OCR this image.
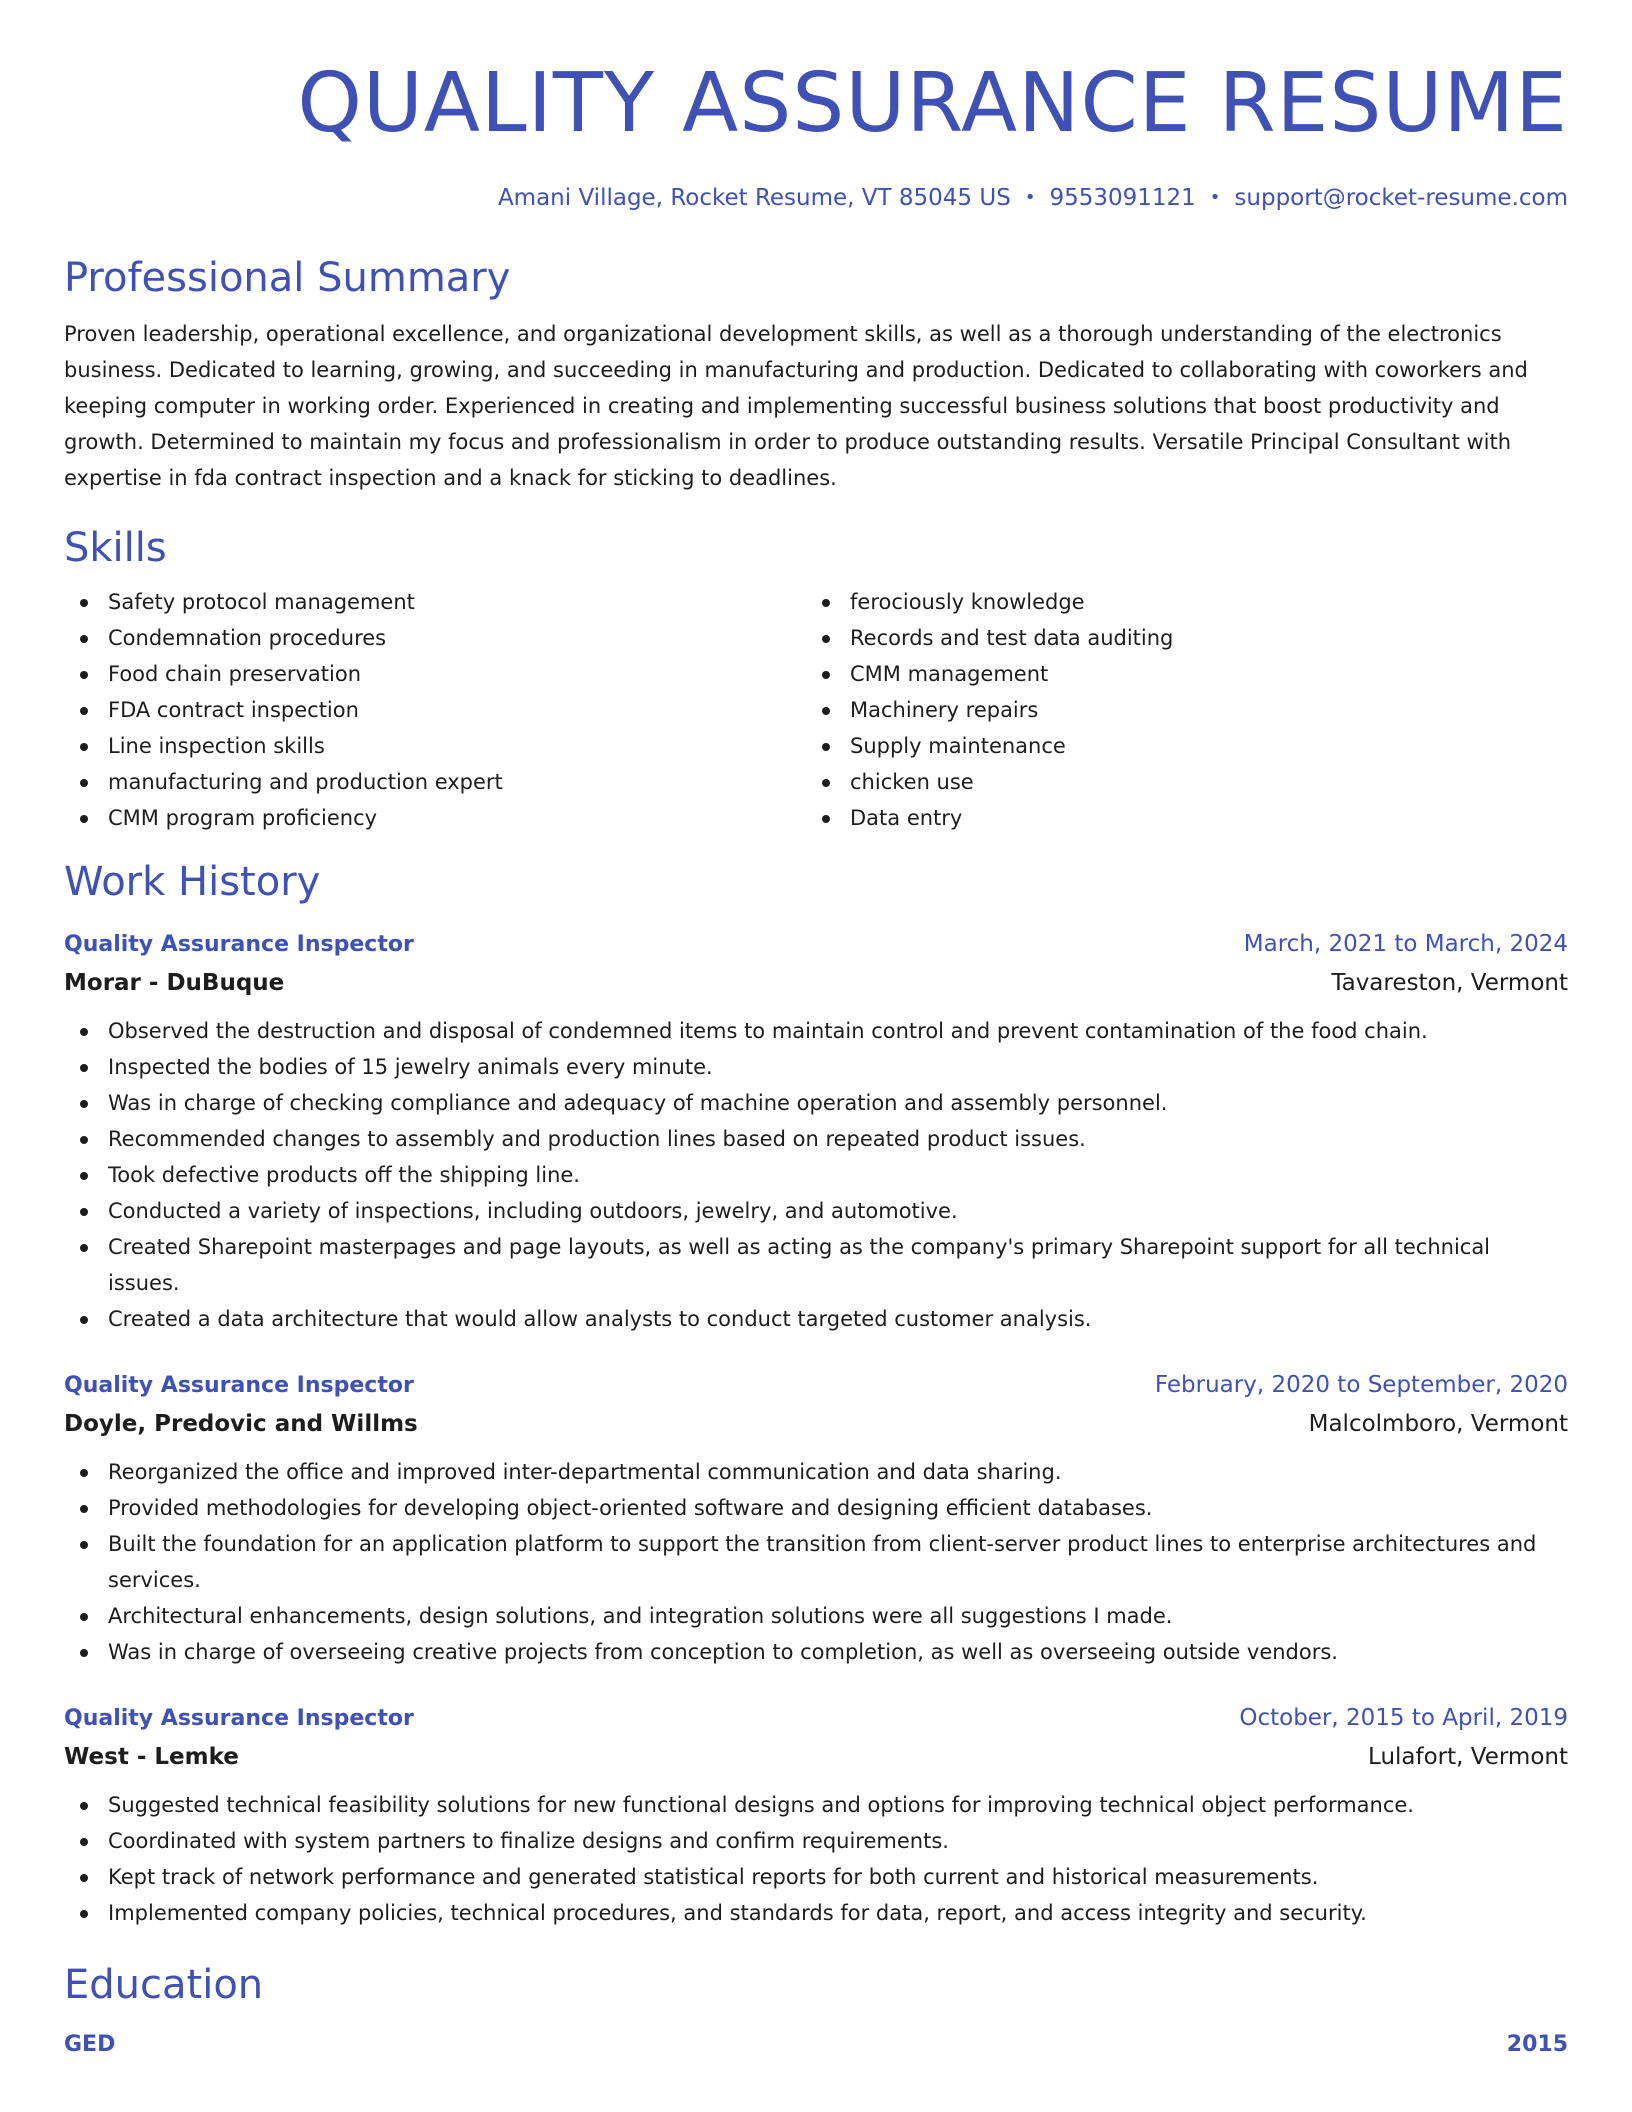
QUALITY ASSURANCE RESUME
Amani Village, Rocket Resume, VT 85045 US • 9553091121 • support@rocket-resume.com
Professional Summary

Proven leadership, operational excellence, and organizational development skills, as well as a thorough understanding of the electronics business. Dedicated to learning, growing, and succeeding in manufacturing and production. Dedicated to collaborating with coworkers and keeping computer in working order. Experienced in creating and implementing successful business solutions that boost productivity and growth. Determined to maintain my focus and professionalism in order to produce outstanding results. Versatile Principal Consultant with expertise in fda contract inspection and a knack for sticking to deadlines.

Skills
Safety protocol management
Condemnation procedures
Food chain preservation
FDA contract inspection
Line inspection skills
manufacturing and production expert
CMM program proficiency
ferociously knowledge
Records and test data auditing
CMM management
Machinery repairs
Supply maintenance
chicken use
Data entry
Work History
Quality Assurance Inspector	March, 2021 to March, 2024
Morar - DuBuque	Tavareston, Vermont
Observed the destruction and disposal of condemned items to maintain control and prevent contamination of the food chain.
Inspected the bodies of 15 jewelry animals every minute.
Was in charge of checking compliance and adequacy of machine operation and assembly personnel.
Recommended changes to assembly and production lines based on repeated product issues.
Took defective products off the shipping line.
Conducted a variety of inspections, including outdoors, jewelry, and automotive.
Created Sharepoint masterpages and page layouts, as well as acting as the company's primary Sharepoint support for all technical issues.
Created a data architecture that would allow analysts to conduct targeted customer analysis.
Quality Assurance Inspector	February, 2020 to September, 2020
Doyle, Predovic and Willms	Malcolmboro, Vermont
Reorganized the office and improved inter-departmental communication and data sharing.
Provided methodologies for developing object-oriented software and designing efficient databases.
Built the foundation for an application platform to support the transition from client-server product lines to enterprise architectures and services.
Architectural enhancements, design solutions, and integration solutions were all suggestions I made.
Was in charge of overseeing creative projects from conception to completion, as well as overseeing outside vendors.
Quality Assurance Inspector	October, 2015 to April, 2019
West - Lemke	Lulafort, Vermont
Suggested technical feasibility solutions for new functional designs and options for improving technical object performance.
Coordinated with system partners to finalize designs and confirm requirements.
Kept track of network performance and generated statistical reports for both current and historical measurements.
Implemented company policies, technical procedures, and standards for data, report, and access integrity and security.
Education
GED	2015
